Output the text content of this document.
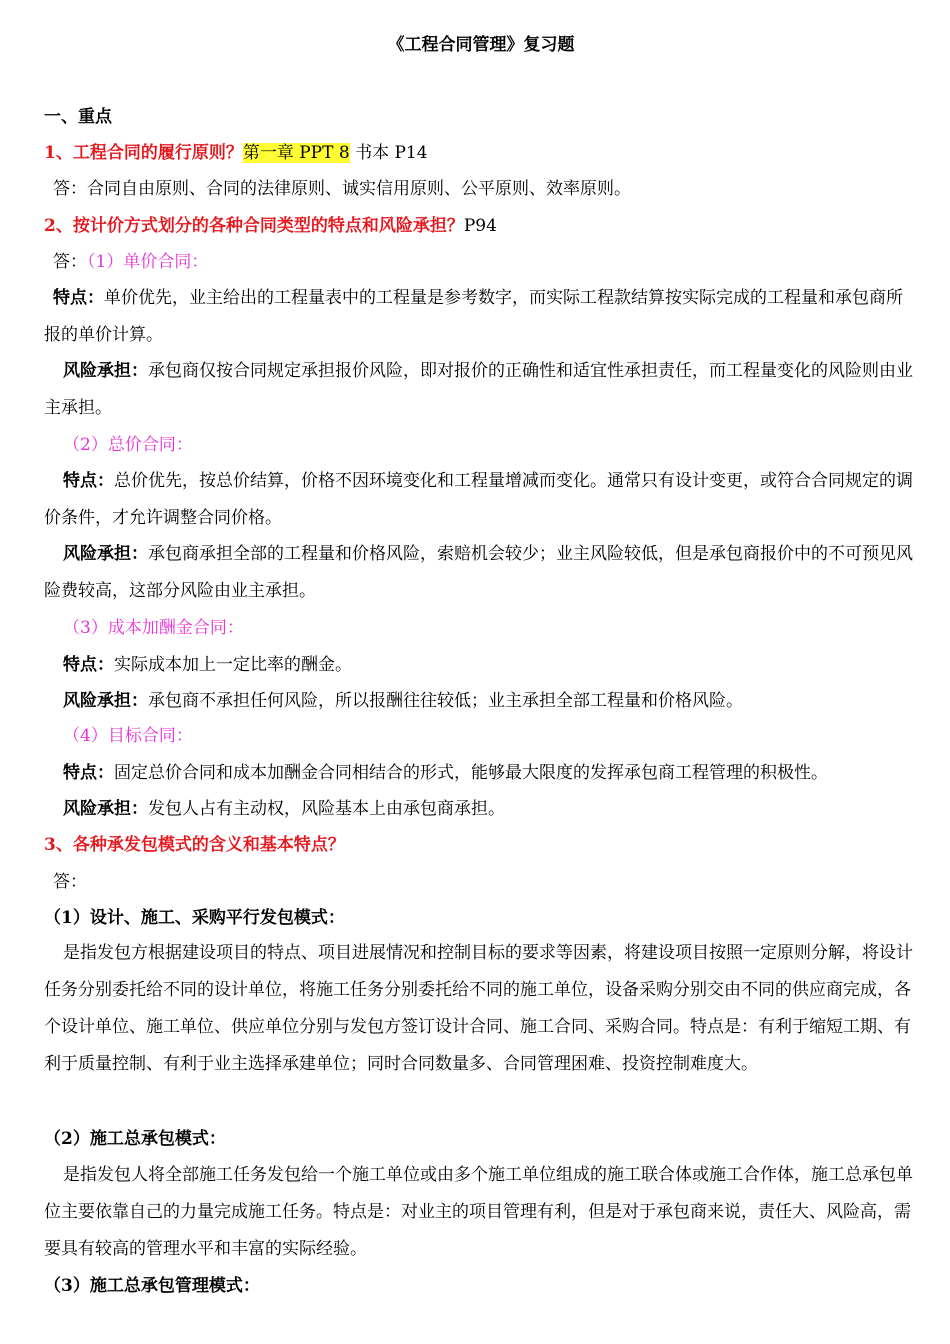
《工程合同管理》复习题
一、重点
1、工程合同的履行原则？第一章 PPT 8 书本 P14
答：合同自由原则、合同的法律原则、诚实信用原则、公平原则、效率原则。
2、按计价方式划分的各种合同类型的特点和风险承担？P94
答：（1）单价合同：
特点：单价优先，业主给出的工程量表中的工程量是参考数字，而实际工程款结算按实际完成的工程量和承包商所报的单价计算。
风险承担：承包商仅按合同规定承担报价风险，即对报价的正确性和适宜性承担责任，而工程量变化的风险则由业主承担。
（2）总价合同：
特点：总价优先，按总价结算，价格不因环境变化和工程量增减而变化。通常只有设计变更，或符合合同规定的调价条件，才允许调整合同价格。
风险承担：承包商承担全部的工程量和价格风险，索赔机会较少；业主风险较低，但是承包商报价中的不可预见风险费较高，这部分风险由业主承担。
（3）成本加酬金合同：
特点：实际成本加上一定比率的酬金。
风险承担：承包商不承担任何风险，所以报酬往往较低；业主承担全部工程量和价格风险。
（4）目标合同：
特点：固定总价合同和成本加酬金合同相结合的形式，能够最大限度的发挥承包商工程管理的积极性。
风险承担：发包人占有主动权，风险基本上由承包商承担。
3、各种承发包模式的含义和基本特点？
答：
（1）设计、施工、采购平行发包模式：
是指发包方根据建设项目的特点、项目进展情况和控制目标的要求等因素，将建设项目按照一定原则分解，将设计任务分别委托给不同的设计单位，将施工任务分别委托给不同的施工单位，设备采购分别交由不同的供应商完成，各个设计单位、施工单位、供应单位分别与发包方签订设计合同、施工合同、采购合同。特点是：有利于缩短工期、有利于质量控制、有利于业主选择承建单位；同时合同数量多、合同管理困难、投资控制难度大。
（2）施工总承包模式：
是指发包人将全部施工任务发包给一个施工单位或由多个施工单位组成的施工联合体或施工合作体，施工总承包单位主要依靠自己的力量完成施工任务。特点是：对业主的项目管理有利，但是对于承包商来说，责任大、风险高，需要具有较高的管理水平和丰富的实际经验。
（3）施工总承包管理模式：
